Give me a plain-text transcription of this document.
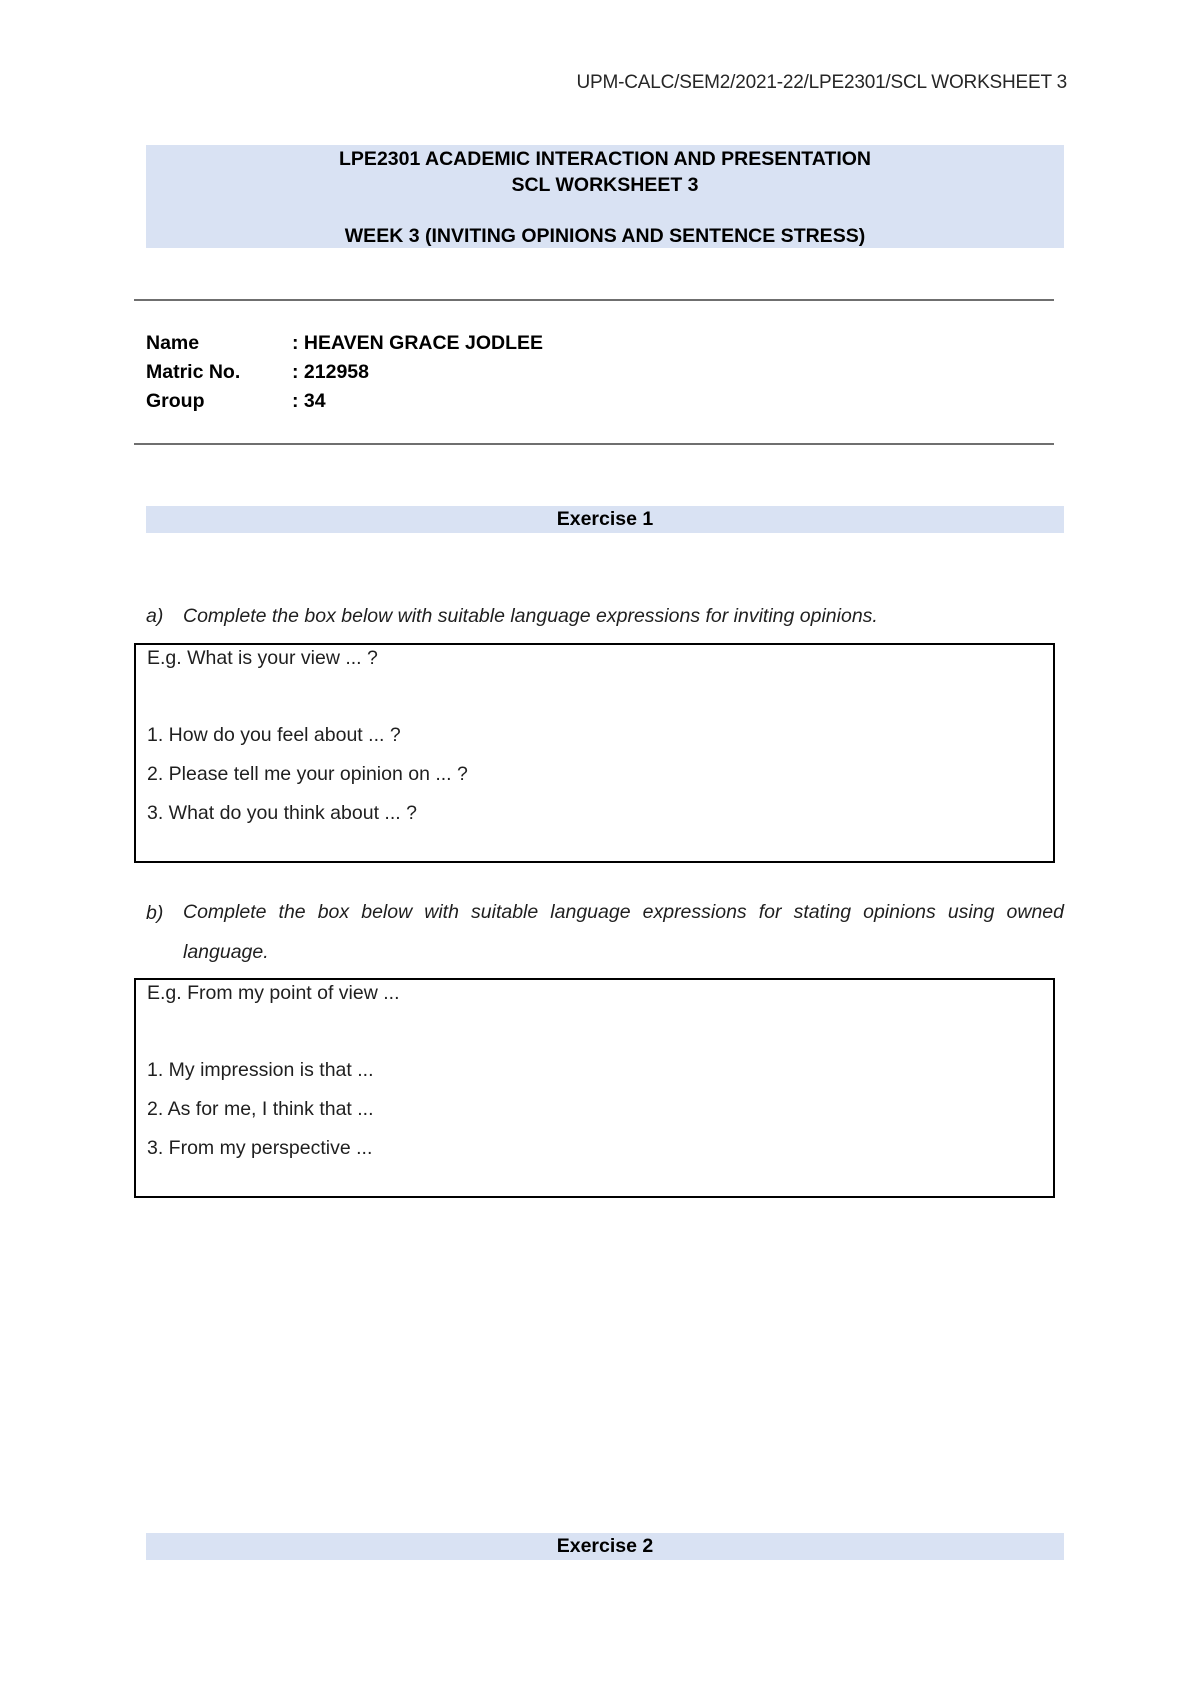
UPM-CALC/SEM2/2021-22/LPE2301/SCL WORKSHEET 3
LPE2301 ACADEMIC INTERACTION AND PRESENTATION
SCL WORKSHEET 3
WEEK 3 (INVITING OPINIONS AND SENTENCE STRESS)
Name	: HEAVEN GRACE JODLEE
Matric No.	: 212958
Group	: 34
Exercise 1
a) Complete the box below with suitable language expressions for inviting opinions.
E.g. What is your view ... ?
1. How do you feel about ... ?
2. Please tell me your opinion on ... ?
3. What do you think about ... ?
b) Complete the box below with suitable language expressions for stating opinions using owned language.
E.g. From my point of view ...
1. My impression is that ...
2. As for me, I think that ...
3. From my perspective ...
Exercise 2
